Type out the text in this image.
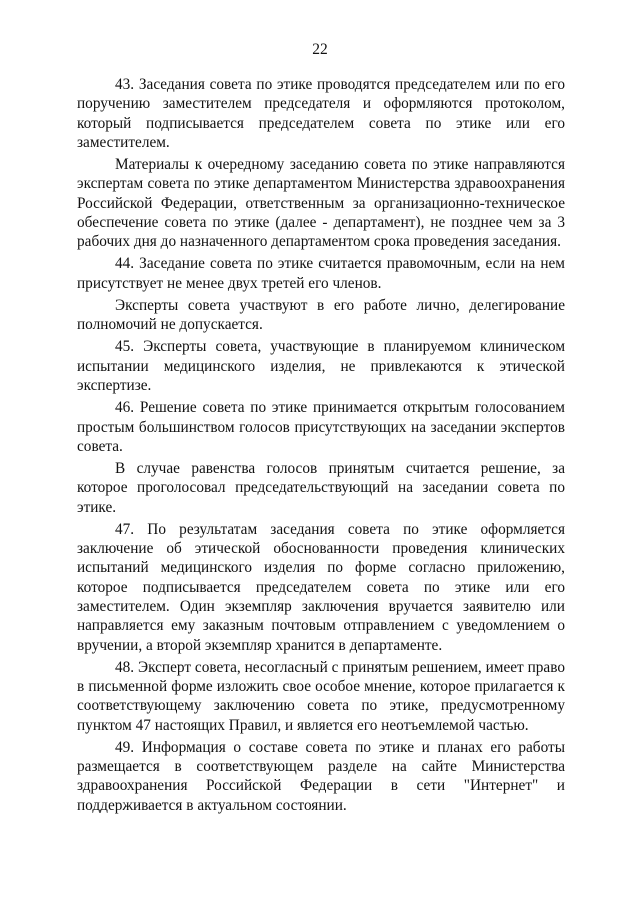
22

43. Заседания совета по этике проводятся председателем или по его поручению заместителем председателя и оформляются протоколом, который подписывается председателем совета по этике или его заместителем.

Материалы к очередному заседанию совета по этике направляются экспертам совета по этике департаментом Министерства здравоохранения Российской Федерации, ответственным за организационно-техническое обеспечение совета по этике (далее - департамент), не позднее чем за 3 рабочих дня до назначенного департаментом срока проведения заседания.

44. Заседание совета по этике считается правомочным, если на нем присутствует не менее двух третей его членов.

Эксперты совета участвуют в его работе лично, делегирование полномочий не допускается.

45. Эксперты совета, участвующие в планируемом клиническом испытании медицинского изделия, не привлекаются к этической экспертизе.

46. Решение совета по этике принимается открытым голосованием простым большинством голосов присутствующих на заседании экспертов совета.

В случае равенства голосов принятым считается решение, за которое проголосовал председательствующий на заседании совета по этике.

47. По результатам заседания совета по этике оформляется заключение об этической обоснованности проведения клинических испытаний медицинского изделия по форме согласно приложению, которое подписывается председателем совета по этике или его заместителем. Один экземпляр заключения вручается заявителю или направляется ему заказным почтовым отправлением с уведомлением о вручении, а второй экземпляр хранится в департаменте.

48. Эксперт совета, несогласный с принятым решением, имеет право в письменной форме изложить свое особое мнение, которое прилагается к соответствующему заключению совета по этике, предусмотренному пунктом 47 настоящих Правил, и является его неотъемлемой частью.

49. Информация о составе совета по этике и планах его работы размещается в соответствующем разделе на сайте Министерства здравоохранения Российской Федерации в сети "Интернет" и поддерживается в актуальном состоянии.
